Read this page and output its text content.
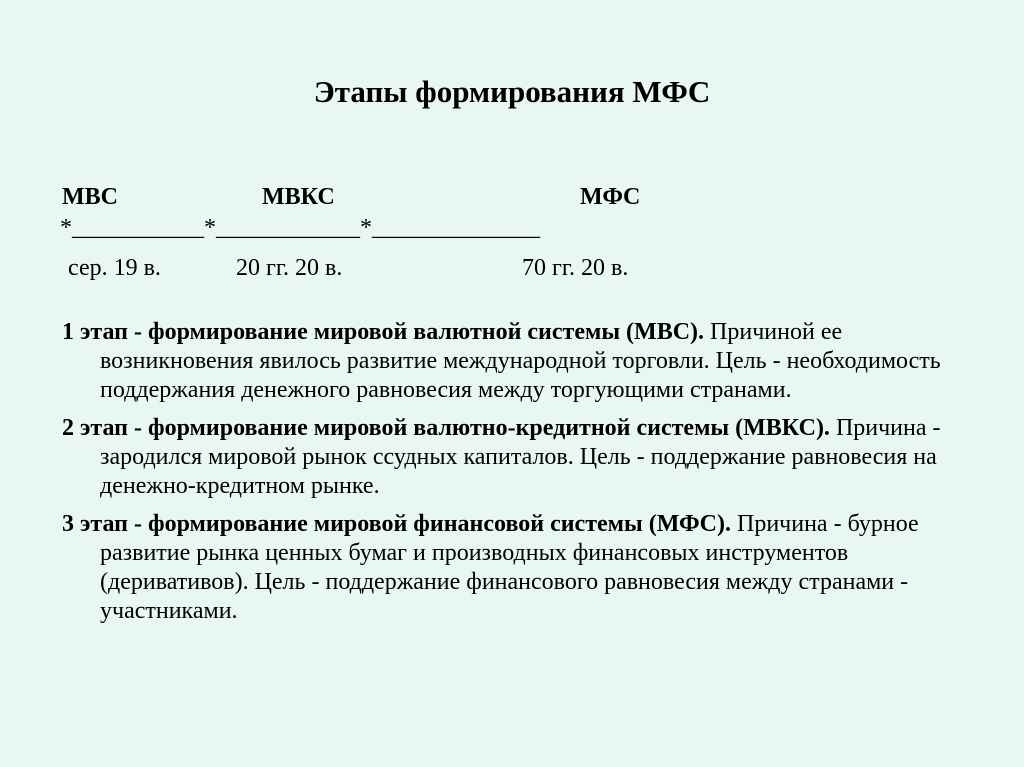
Этапы формирования МФС
МВС	МВКС	МФС
*___________*____________*______________
сер. 19 в.	20 гг. 20 в.	70 гг. 20 в.

1 этап - формирование мировой валютной системы (МВС). Причиной ее возникновения явилось развитие международной торговли. Цель - необходимость поддержания денежного равновесия между торгующими странами.

2 этап - формирование мировой валютно-кредитной системы (МВКС). Причина - зародился мировой рынок ссудных капиталов. Цель - поддержание равновесия на денежно-кредитном рынке.

3 этап - формирование мировой финансовой системы (МФС). Причина - бурное развитие рынка ценных бумаг и производных финансовых инструментов (деривативов). Цель - поддержание финансового равновесия между странами - участниками.
